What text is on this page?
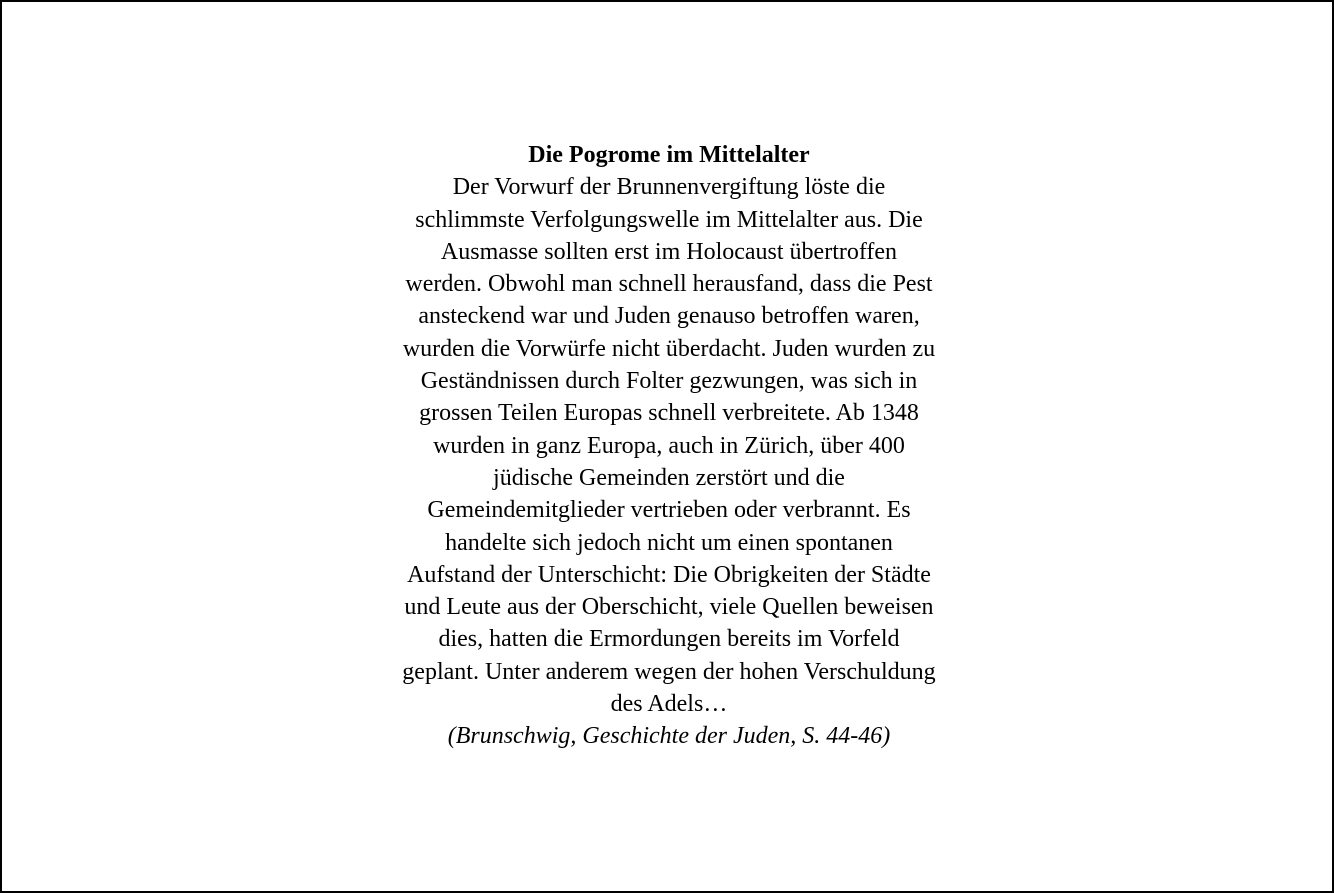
Die Pogrome im Mittelalter
Der Vorwurf der Brunnenvergiftung löste die
schlimmste Verfolgungswelle im Mittelalter aus. Die
Ausmasse sollten erst im Holocaust übertroffen
werden. Obwohl man schnell herausfand, dass die Pest
ansteckend war und Juden genauso betroffen waren,
wurden die Vorwürfe nicht überdacht. Juden wurden zu
Geständnissen durch Folter gezwungen, was sich in
grossen Teilen Europas schnell verbreitete. Ab 1348
wurden in ganz Europa, auch in Zürich, über 400
jüdische Gemeinden zerstört und die
Gemeindemitglieder vertrieben oder verbrannt. Es
handelte sich jedoch nicht um einen spontanen
Aufstand der Unterschicht: Die Obrigkeiten der Städte
und Leute aus der Oberschicht, viele Quellen beweisen
dies, hatten die Ermordungen bereits im Vorfeld
geplant. Unter anderem wegen der hohen Verschuldung
des Adels…
(Brunschwig, Geschichte der Juden, S. 44-46)
